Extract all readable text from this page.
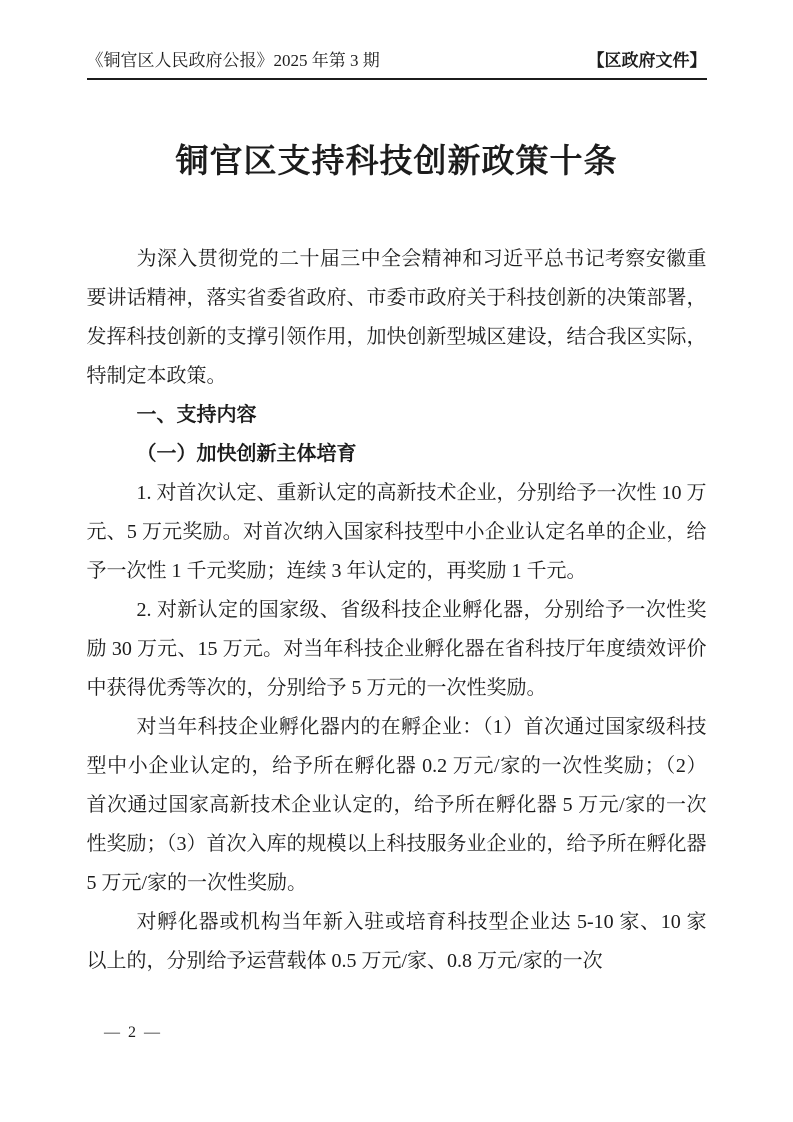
《铜官区人民政府公报》2025 年第 3 期	【区政府文件】
铜官区支持科技创新政策十条

为深入贯彻党的二十届三中全会精神和习近平总书记考察安徽重要讲话精神，落实省委省政府、市委市政府关于科技创新的决策部署，发挥科技创新的支撑引领作用，加快创新型城区建设，结合我区实际，特制定本政策。

一、支持内容

（一）加快创新主体培育

1. 对首次认定、重新认定的高新技术企业，分别给予一次性 10 万元、5 万元奖励。对首次纳入国家科技型中小企业认定名单的企业，给予一次性 1 千元奖励；连续 3 年认定的，再奖励 1 千元。

2. 对新认定的国家级、省级科技企业孵化器，分别给予一次性奖励 30 万元、15 万元。对当年科技企业孵化器在省科技厅年度绩效评价中获得优秀等次的，分别给予 5 万元的一次性奖励。

对当年科技企业孵化器内的在孵企业：（1）首次通过国家级科技型中小企业认定的，给予所在孵化器 0.2 万元/家的一次性奖励；（2）首次通过国家高新技术企业认定的，给予所在孵化器 5 万元/家的一次性奖励；（3）首次入库的规模以上科技服务业企业的，给予所在孵化器 5 万元/家的一次性奖励。

对孵化器或机构当年新入驻或培育科技型企业达 5-10 家、10 家以上的，分别给予运营载体 0.5 万元/家、0.8 万元/家的一次

— 2 —
